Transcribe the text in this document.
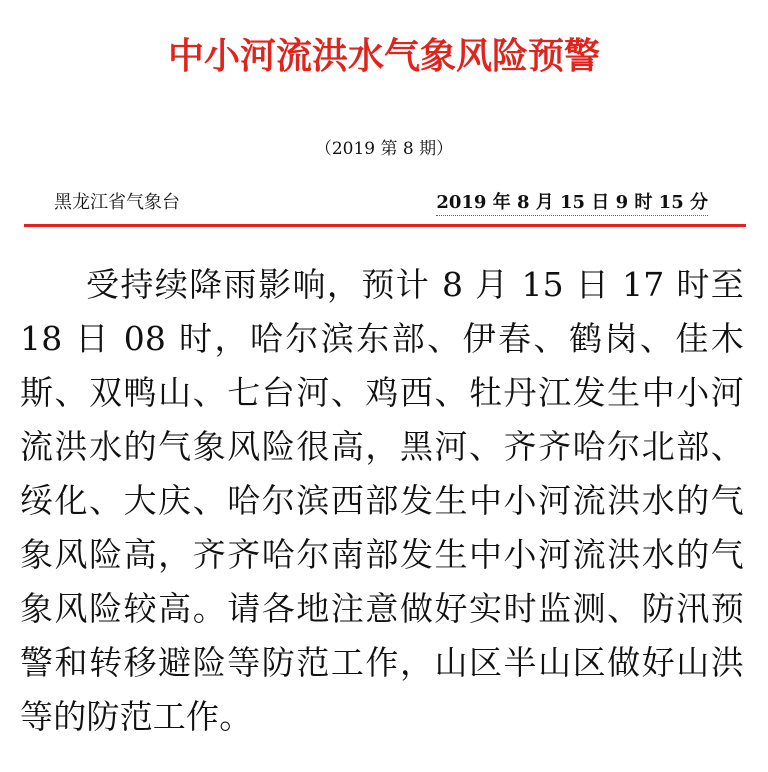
中小河流洪水气象风险预警
（2019 第 8 期）
黑龙江省气象台	2019 年 8 月 15 日 9 时 15 分
受持续降雨影响，预计 8 月 15 日 17 时至 18 日 08 时，哈尔滨东部、伊春、鹤岗、佳木斯、双鸭山、七台河、鸡西、牡丹江发生中小河流洪水的气象风险很高，黑河、齐齐哈尔北部、绥化、大庆、哈尔滨西部发生中小河流洪水的气象风险高，齐齐哈尔南部发生中小河流洪水的气象风险较高。请各地注意做好实时监测、防汛预警和转移避险等防范工作，山区半山区做好山洪等的防范工作。
